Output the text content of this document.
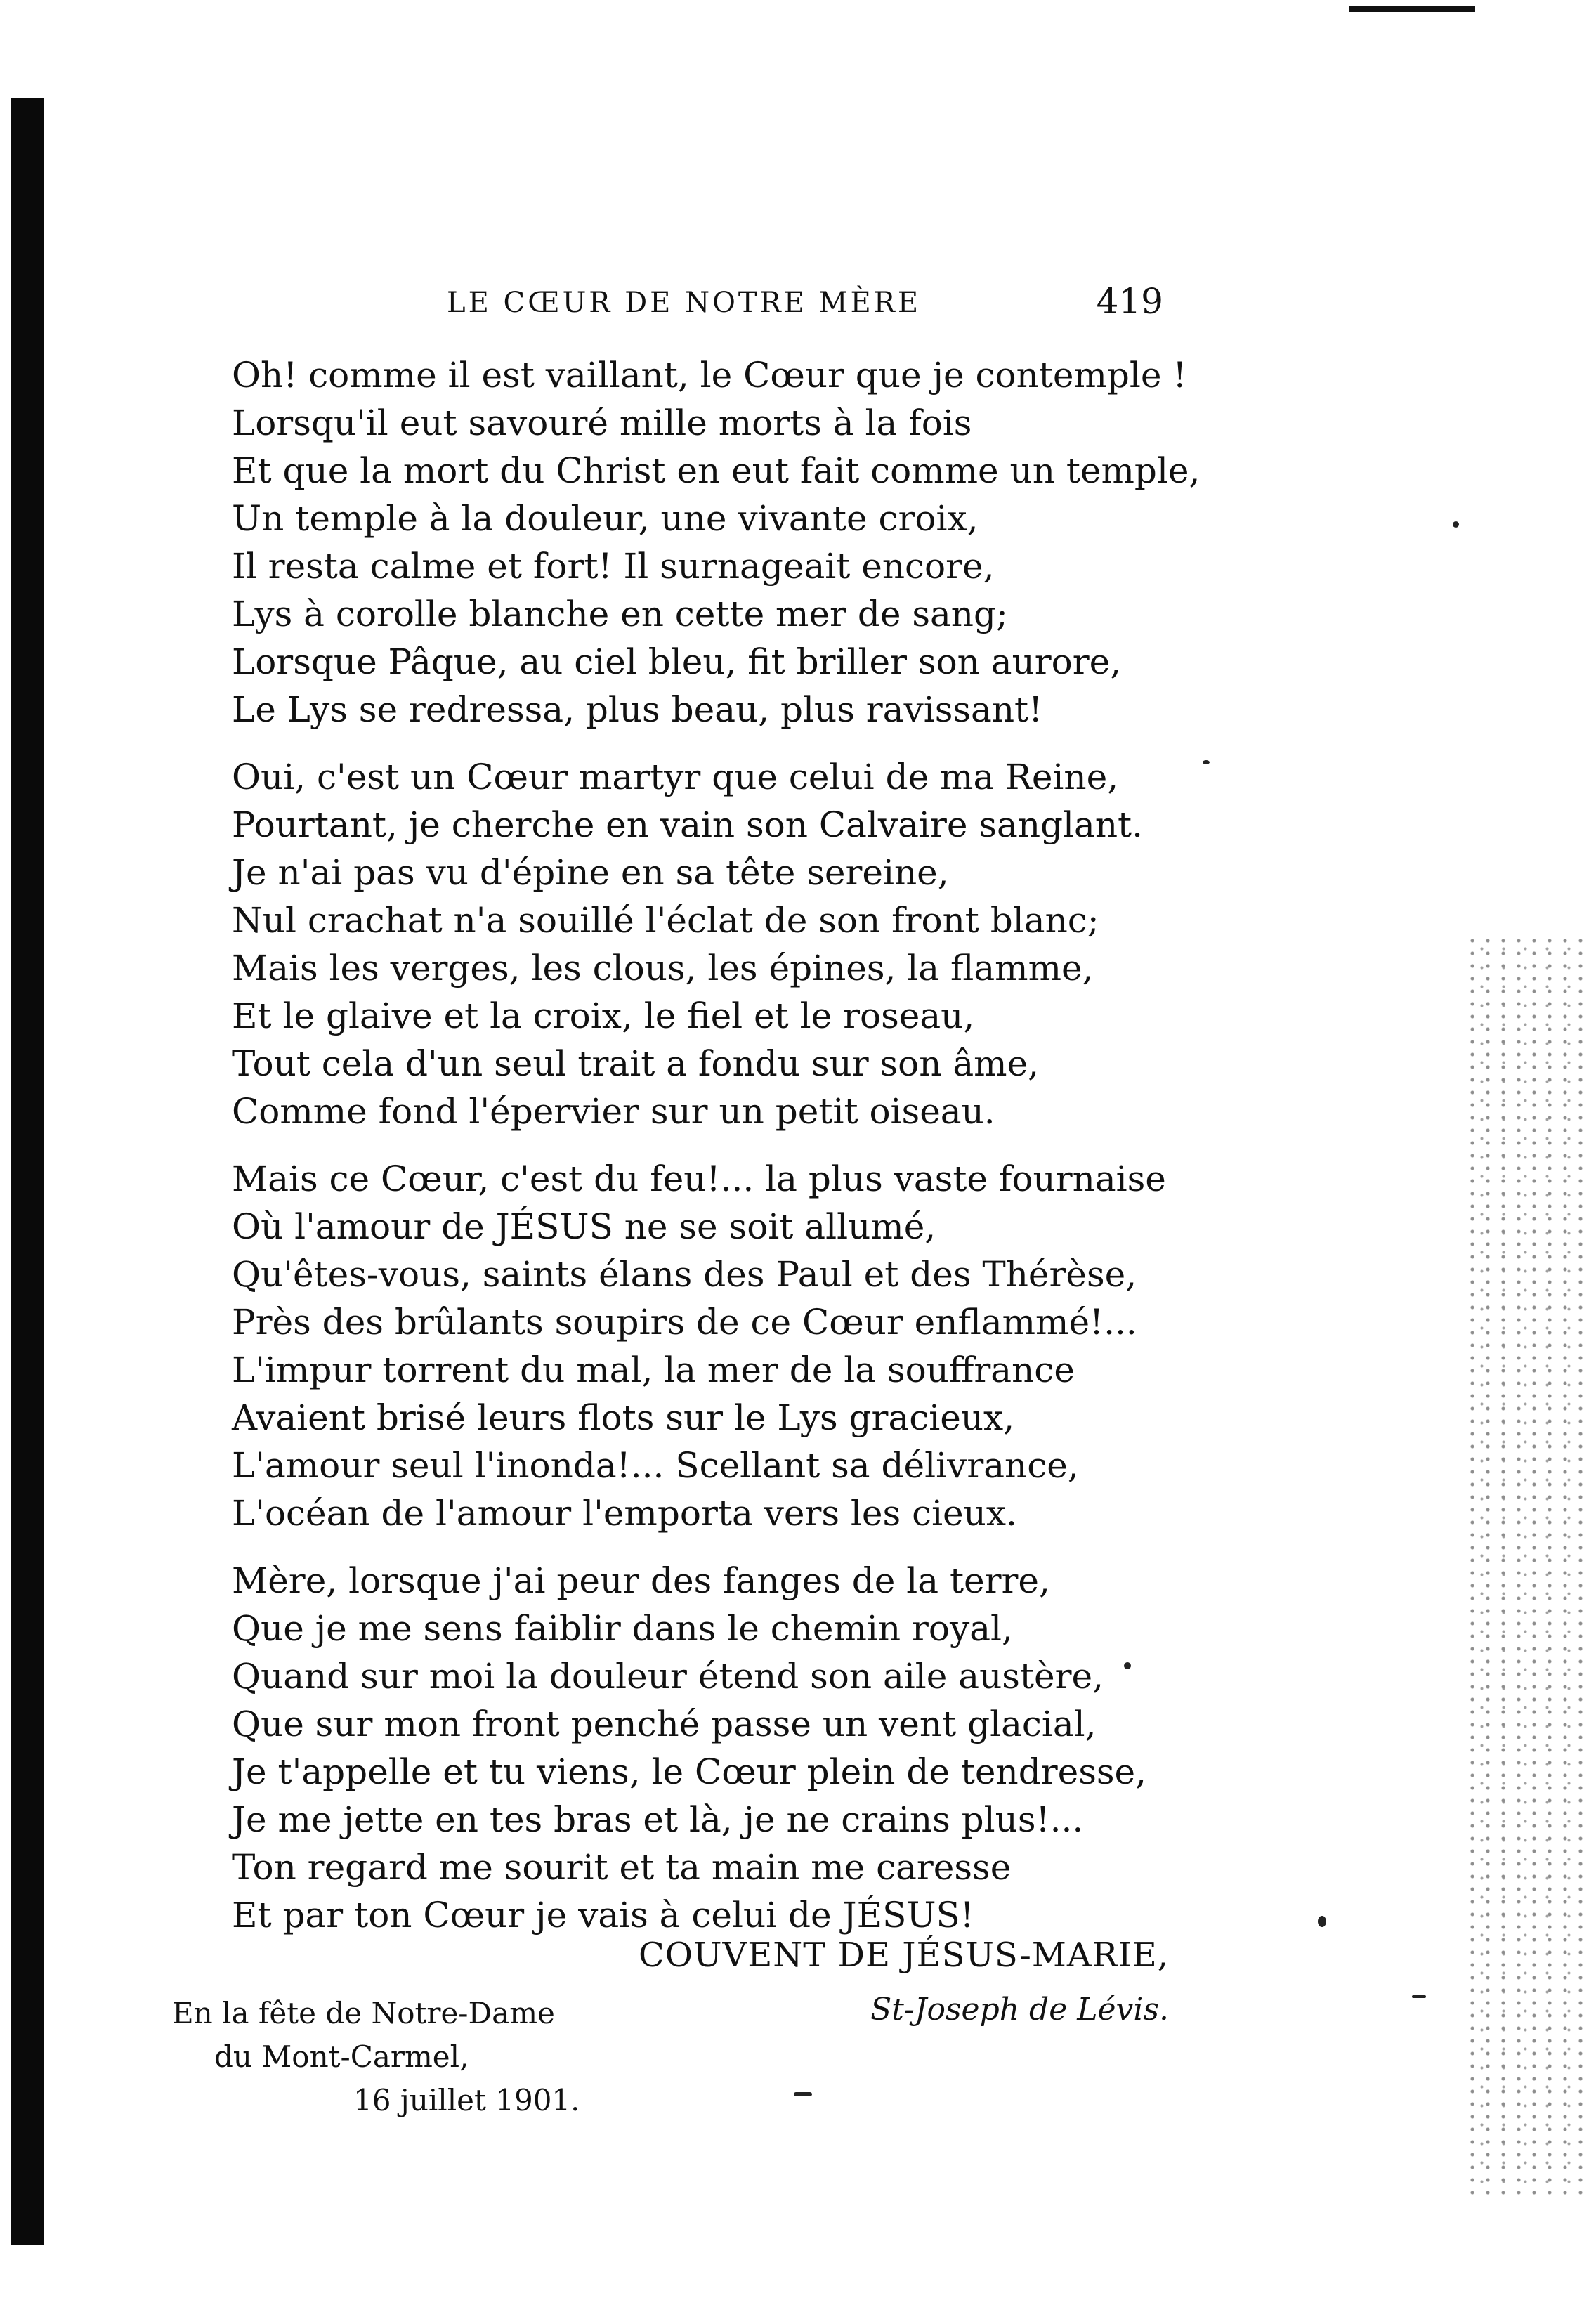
LE CŒUR DE NOTRE MÈRE	419
Oh! comme il est vaillant, le Cœur que je contemple !
Lorsqu'il eut savouré mille morts à la fois
Et que la mort du Christ en eut fait comme un temple,
Un temple à la douleur, une vivante croix,
Il resta calme et fort! Il surnageait encore,
Lys à corolle blanche en cette mer de sang;
Lorsque Pâque, au ciel bleu, fit briller son aurore,
Le Lys se redressa, plus beau, plus ravissant!
Oui, c'est un Cœur martyr que celui de ma Reine,
Pourtant, je cherche en vain son Calvaire sanglant.
Je n'ai pas vu d'épine en sa tête sereine,
Nul crachat n'a souillé l'éclat de son front blanc;
Mais les verges, les clous, les épines, la flamme,
Et le glaive et la croix, le fiel et le roseau,
Tout cela d'un seul trait a fondu sur son âme,
Comme fond l'épervier sur un petit oiseau.
Mais ce Cœur, c'est du feu!... la plus vaste fournaise
Où l'amour de JÉSUS ne se soit allumé,
Qu'êtes-vous, saints élans des Paul et des Thérèse,
Près des brûlants soupirs de ce Cœur enflammé!...
L'impur torrent du mal, la mer de la souffrance
Avaient brisé leurs flots sur le Lys gracieux,
L'amour seul l'inonda!... Scellant sa délivrance,
L'océan de l'amour l'emporta vers les cieux.
Mère, lorsque j'ai peur des fanges de la terre,
Que je me sens faiblir dans le chemin royal,
Quand sur moi la douleur étend son aile austère,
Que sur mon front penché passe un vent glacial,
Je t'appelle et tu viens, le Cœur plein de tendresse,
Je me jette en tes bras et là, je ne crains plus!...
Ton regard me sourit et ta main me caresse
Et par ton Cœur je vais à celui de JÉSUS!
COUVENT DE JÉSUS-MARIE,
St-Joseph de Lévis.
En la fête de Notre-Dame
du Mont-Carmel,
16 juillet 1901.
